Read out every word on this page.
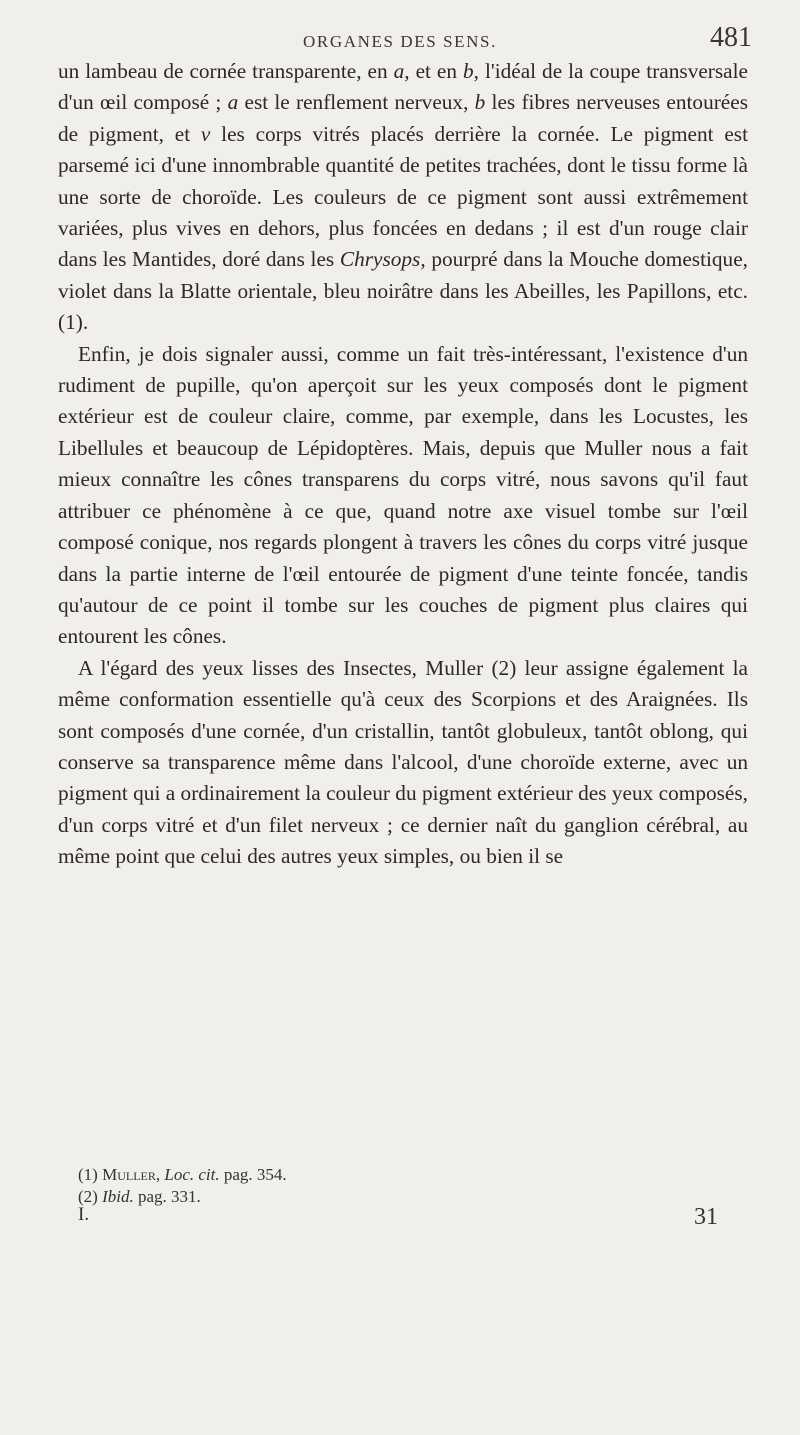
ORGANES DES SENS.	481

un lambeau de cornée transparente, en a, et en b, l'idéal de la coupe transversale d'un œil composé ; a est le renflement nerveux, b les fibres nerveuses entourées de pigment, et v les corps vitrés placés derrière la cornée. Le pigment est parsemé ici d'une innombrable quantité de petites trachées, dont le tissu forme là une sorte de choroïde. Les couleurs de ce pigment sont aussi extrêmement variées, plus vives en dehors, plus foncées en dedans ; il est d'un rouge clair dans les Mantides, doré dans les Chrysops, pourpré dans la Mouche domestique, violet dans la Blatte orientale, bleu noirâtre dans les Abeilles, les Papillons, etc. (1).

Enfin, je dois signaler aussi, comme un fait très-intéressant, l'existence d'un rudiment de pupille, qu'on aperçoit sur les yeux composés dont le pigment extérieur est de couleur claire, comme, par exemple, dans les Locustes, les Libellules et beaucoup de Lépidoptères. Mais, depuis que Muller nous a fait mieux connaître les cônes transparens du corps vitré, nous savons qu'il faut attribuer ce phénomène à ce que, quand notre axe visuel tombe sur l'œil composé conique, nos regards plongent à travers les cônes du corps vitré jusque dans la partie interne de l'œil entourée de pigment d'une teinte foncée, tandis qu'autour de ce point il tombe sur les couches de pigment plus claires qui entourent les cônes.

A l'égard des yeux lisses des Insectes, Muller (2) leur assigne également la même conformation essentielle qu'à ceux des Scorpions et des Araignées. Ils sont composés d'une cornée, d'un cristallin, tantôt globuleux, tantôt oblong, qui conserve sa transparence même dans l'alcool, d'une choroïde externe, avec un pigment qui a ordinairement la couleur du pigment extérieur des yeux composés, d'un corps vitré et d'un filet nerveux ; ce dernier naît du ganglion cérébral, au même point que celui des autres yeux simples, ou bien il se

(1) Muller, Loc. cit. pag. 354.

(2) Ibid. pag. 331.

I.	31
